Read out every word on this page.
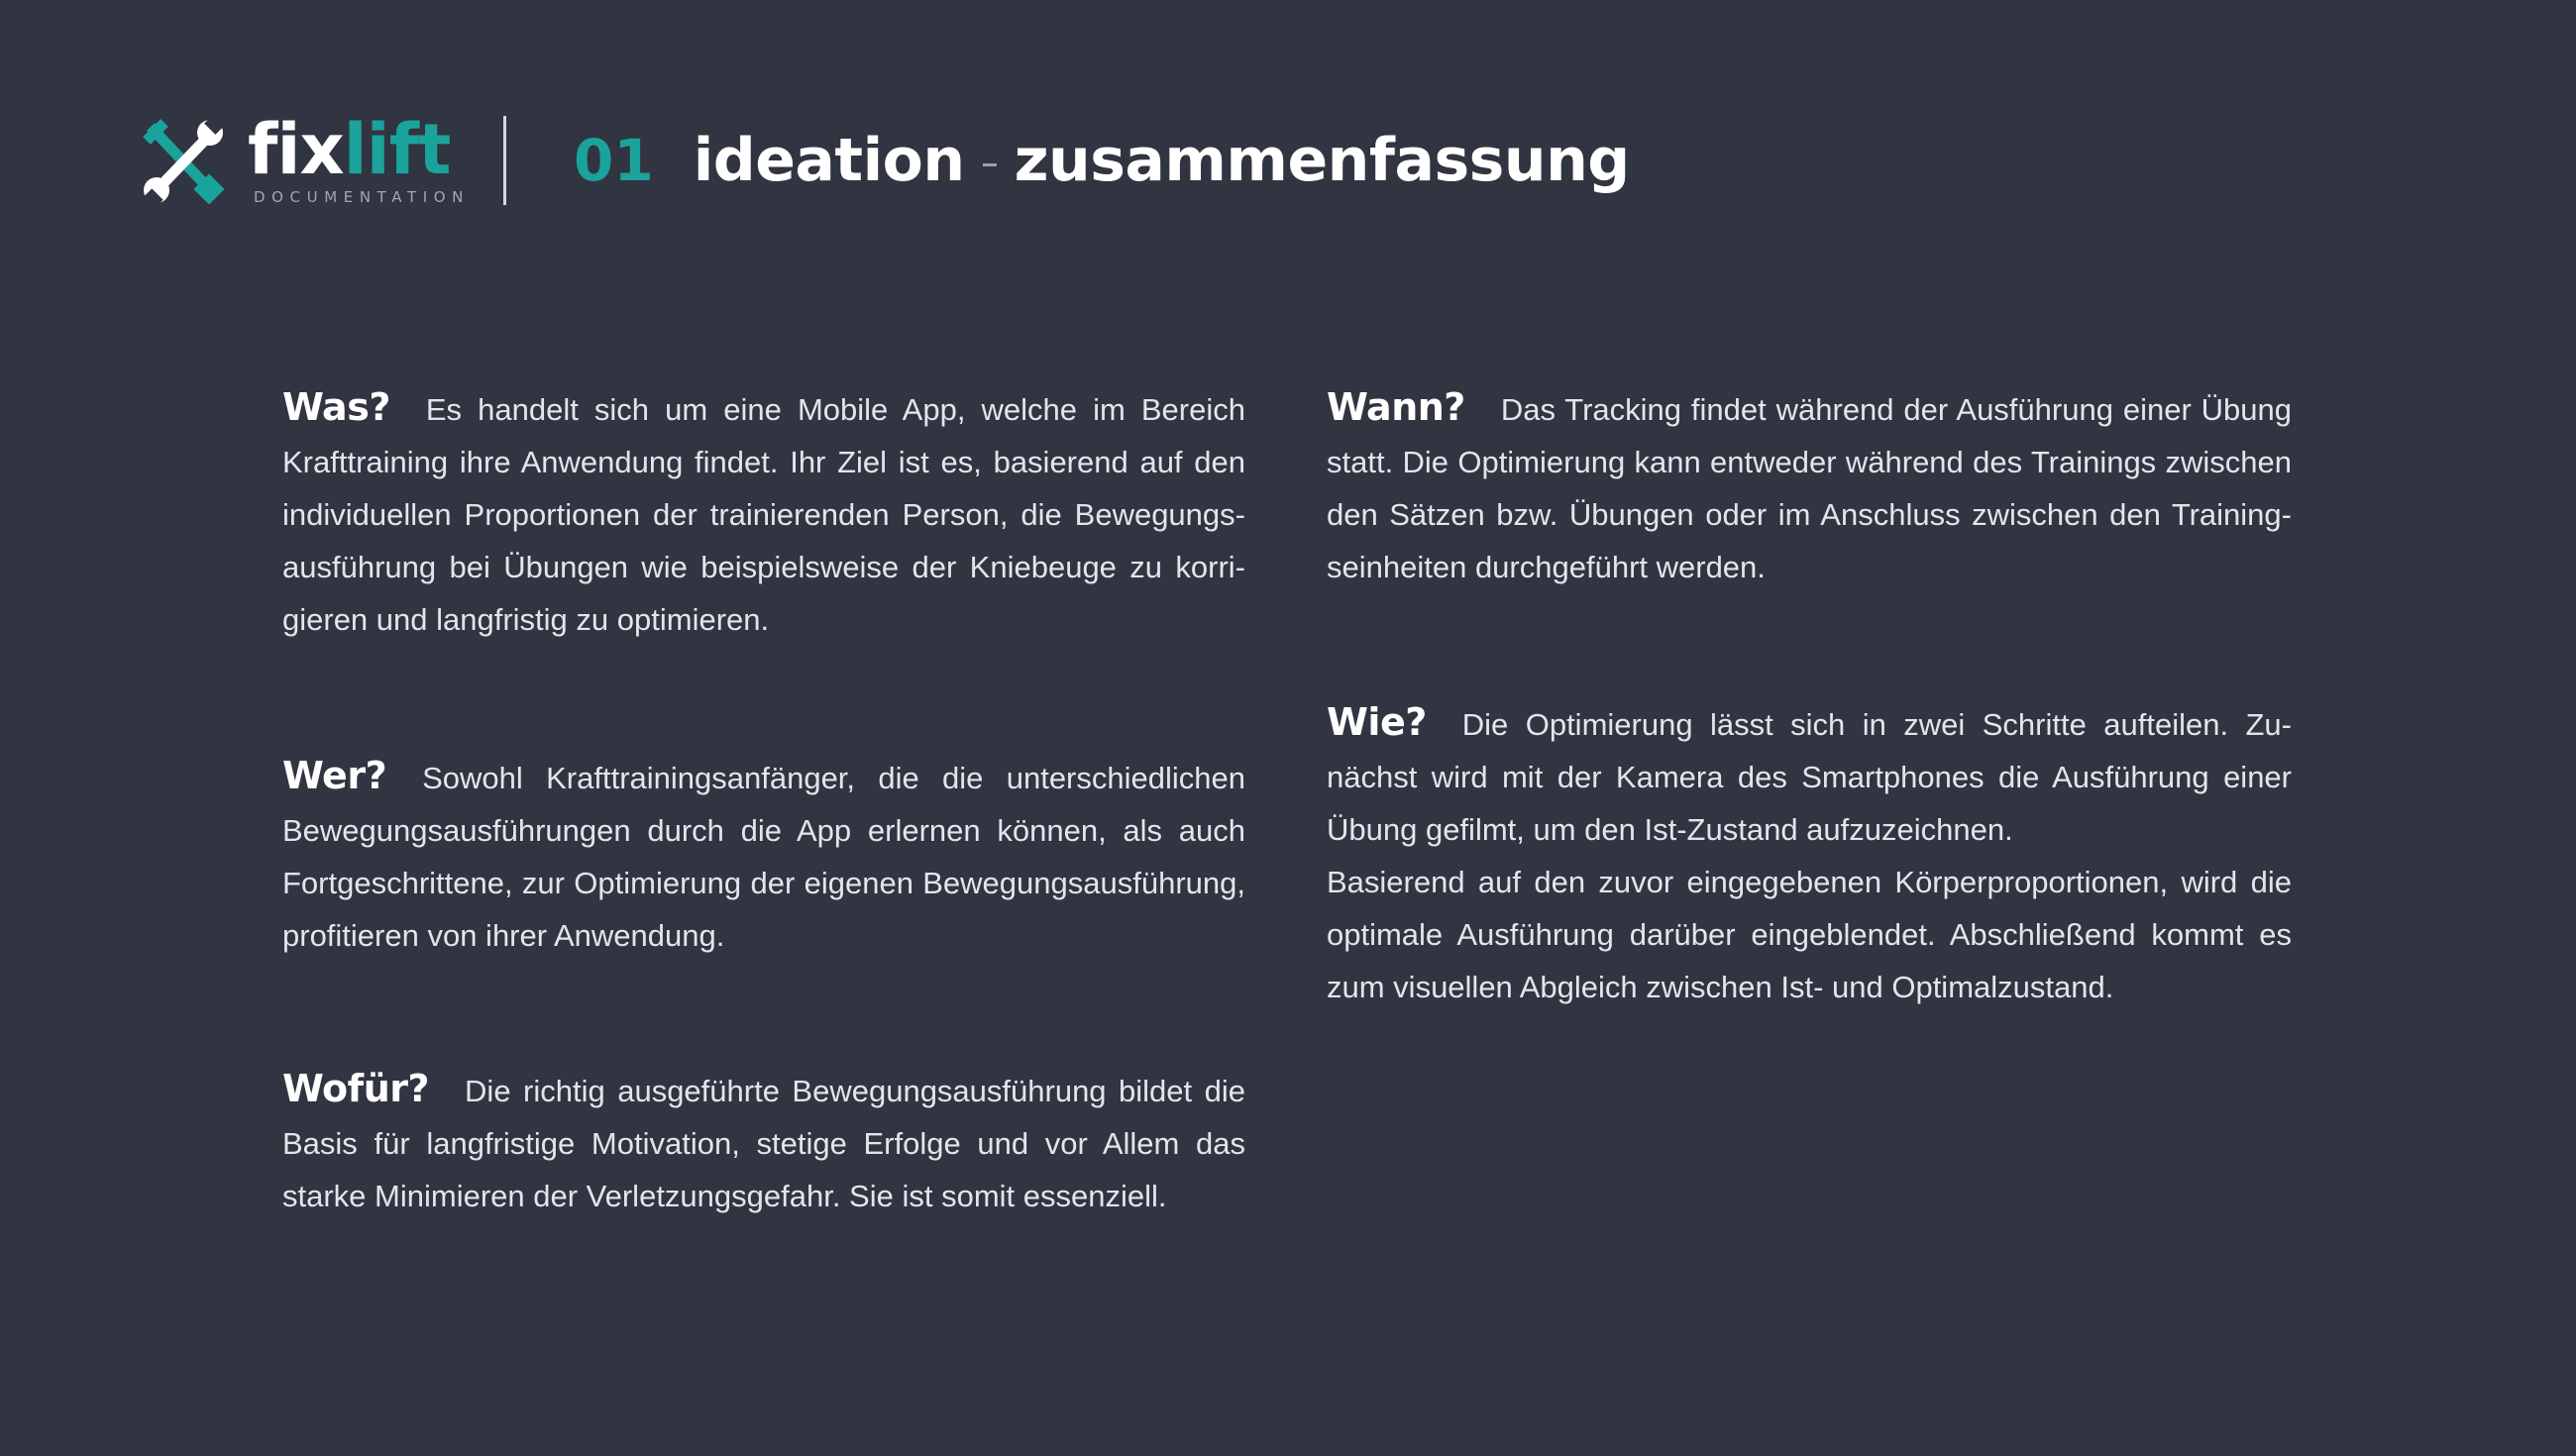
fixlift
DOCUMENTATION
01 ideation zusammenfassung

Was? Es handelt sich um eine Mobile App, welche im Bereich Krafttraining ihre Anwendung findet. Ihr Ziel ist es, basierend auf den individuellen Proportionen der trainierenden Person, die Bewegungsausführung bei Übungen wie beispielsweise der Kniebeuge zu korrigieren und langfristig zu optimieren.

Wer? Sowohl Krafttrainingsanfänger, die die unterschiedlichen Bewegungsausführungen durch die App erlernen können, als auch Fortgeschrittene, zur Optimierung der eigenen Bewegungsausführung, profitieren von ihrer Anwendung.

Wofür? Die richtig ausgeführte Bewegungsausführung bildet die Basis für langfristige Motivation, stetige Erfolge und vor Allem das starke Minimieren der Verletzungsgefahr. Sie ist somit essenziell.

Wann? Das Tracking findet während der Ausführung einer Übung statt. Die Optimierung kann entweder während des Trainings zwischen den Sätzen bzw. Übungen oder im Anschluss zwischen den Trainingseinheiten durchgeführt werden.

Wie? Die Optimierung lässt sich in zwei Schritte aufteilen. Zunächst wird mit der Kamera des Smartphones die Ausführung einer Übung gefilmt, um den Ist-Zustand aufzuzeichnen.

Basierend auf den zuvor eingegebenen Körperproportionen, wird die optimale Ausführung darüber eingeblendet. Abschließend kommt es zum visuellen Abgleich zwischen Ist- und Optimalzustand.
